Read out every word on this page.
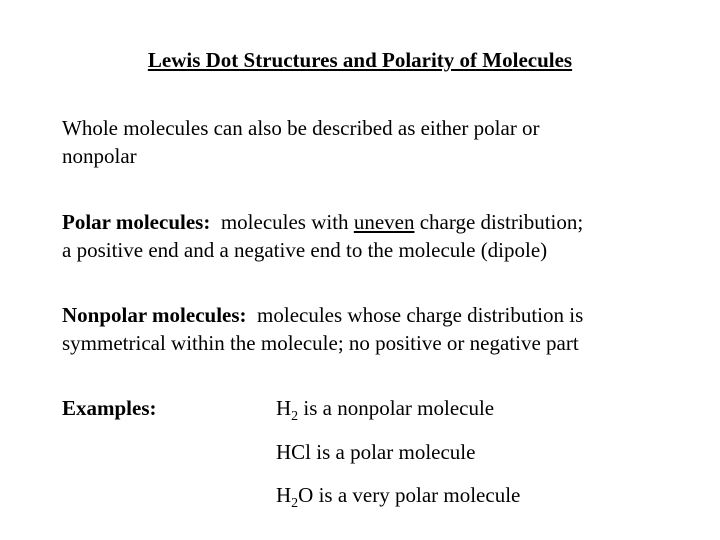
Lewis Dot Structures and Polarity of Molecules
Whole molecules can also be described as either polar or
nonpolar
Polar molecules:  molecules with uneven charge distribution;
a positive end and a negative end to the molecule (dipole)
Nonpolar molecules:  molecules whose charge distribution is
symmetrical within the molecule; no positive or negative part
Examples:	$H_2$ is a nonpolar molecule
HCl is a polar molecule
$H_2O$ is a very polar molecule
